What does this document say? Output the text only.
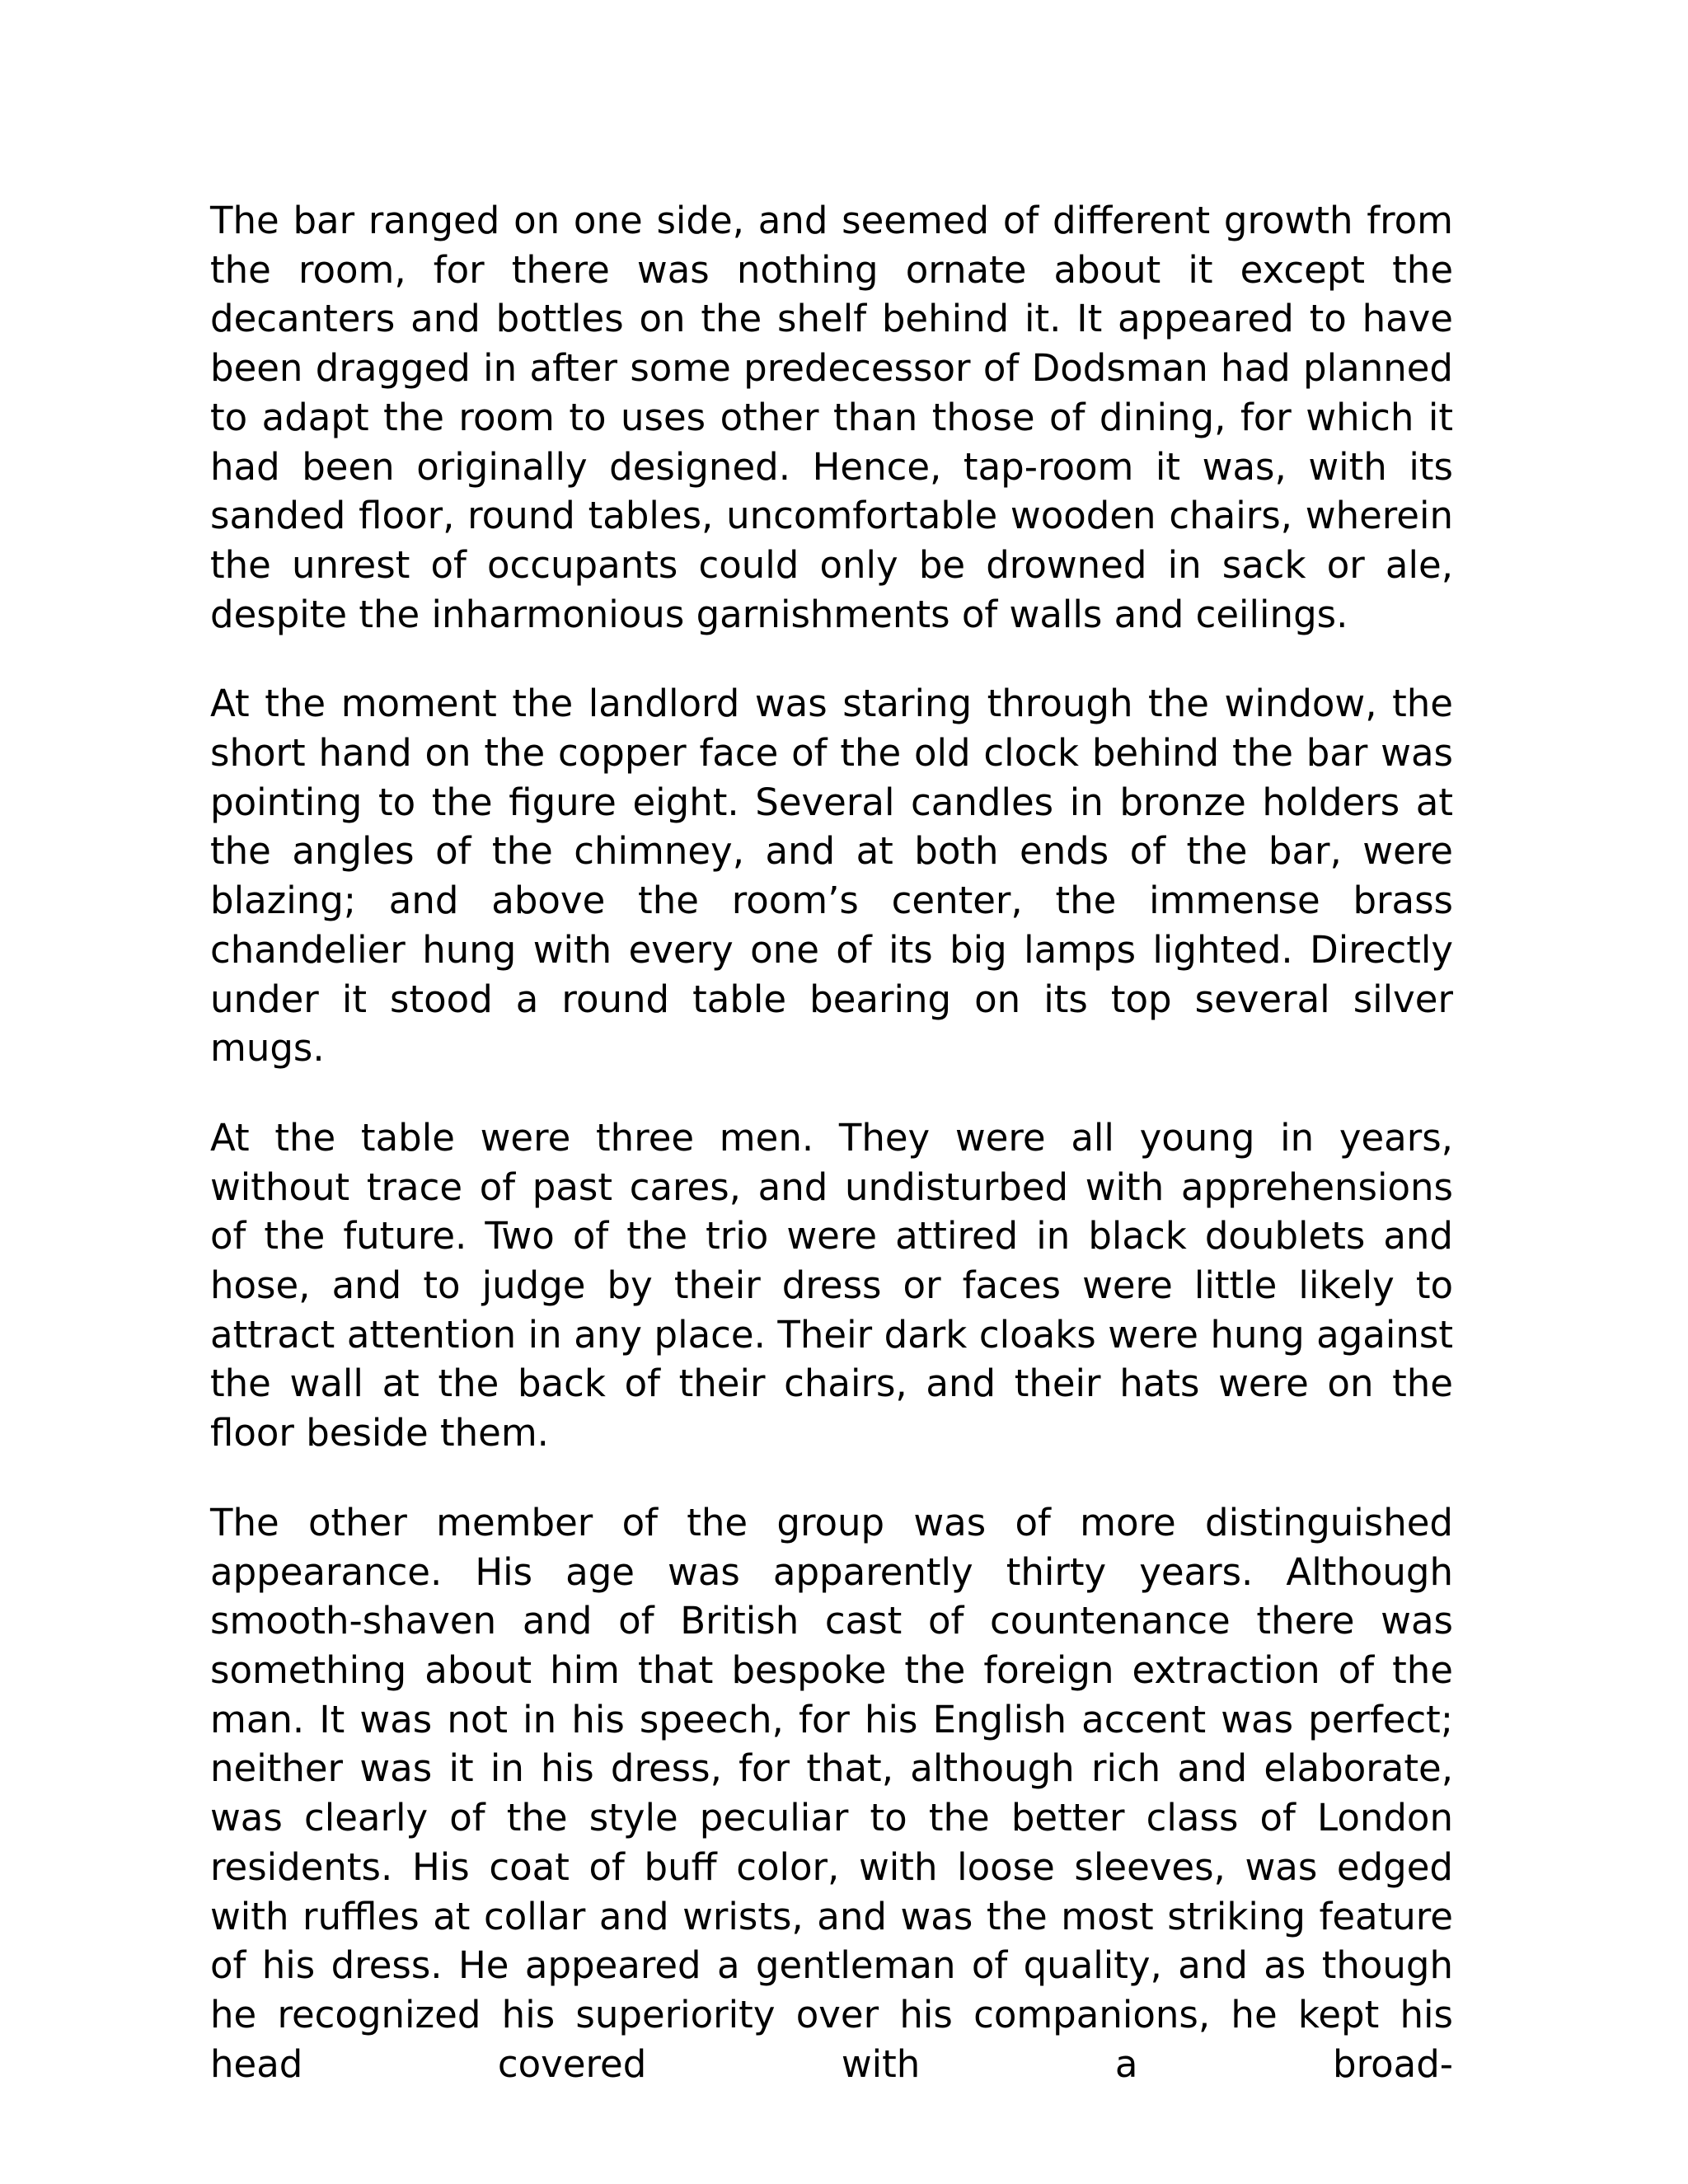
The bar ranged on one side, and seemed of different growth from the room, for there was nothing ornate about it except the decanters and bottles on the shelf behind it. It appeared to have been dragged in after some predecessor of Dodsman had planned to adapt the room to uses other than those of dining, for which it had been originally designed. Hence, tap-room it was, with its sanded floor, round tables, uncomfortable wooden chairs, wherein the unrest of occupants could only be drowned in sack or ale, despite the inharmonious garnishments of walls and ceilings.

At the moment the landlord was staring through the window, the short hand on the copper face of the old clock behind the bar was pointing to the figure eight. Several candles in bronze holders at the angles of the chimney, and at both ends of the bar, were blazing; and above the room’s center, the immense brass chandelier hung with every one of its big lamps lighted. Directly under it stood a round table bearing on its top several silver mugs.

At the table were three men. They were all young in years, without trace of past cares, and undisturbed with apprehensions of the future. Two of the trio were attired in black doublets and hose, and to judge by their dress or faces were little likely to attract attention in any place. Their dark cloaks were hung against the wall at the back of their chairs, and their hats were on the floor beside them.

The other member of the group was of more distinguished appearance. His age was apparently thirty years. Although smooth-shaven and of British cast of countenance there was something about him that bespoke the foreign extraction of the man. It was not in his speech, for his English accent was perfect; neither was it in his dress, for that, although rich and elaborate, was clearly of the style peculiar to the better class of London residents. His coat of buff color, with loose sleeves, was edged with ruffles at collar and wrists, and was the most striking feature of his dress. He appeared a gentleman of quality, and as though he recognized his superiority over his companions, he kept his head covered with a broad-
